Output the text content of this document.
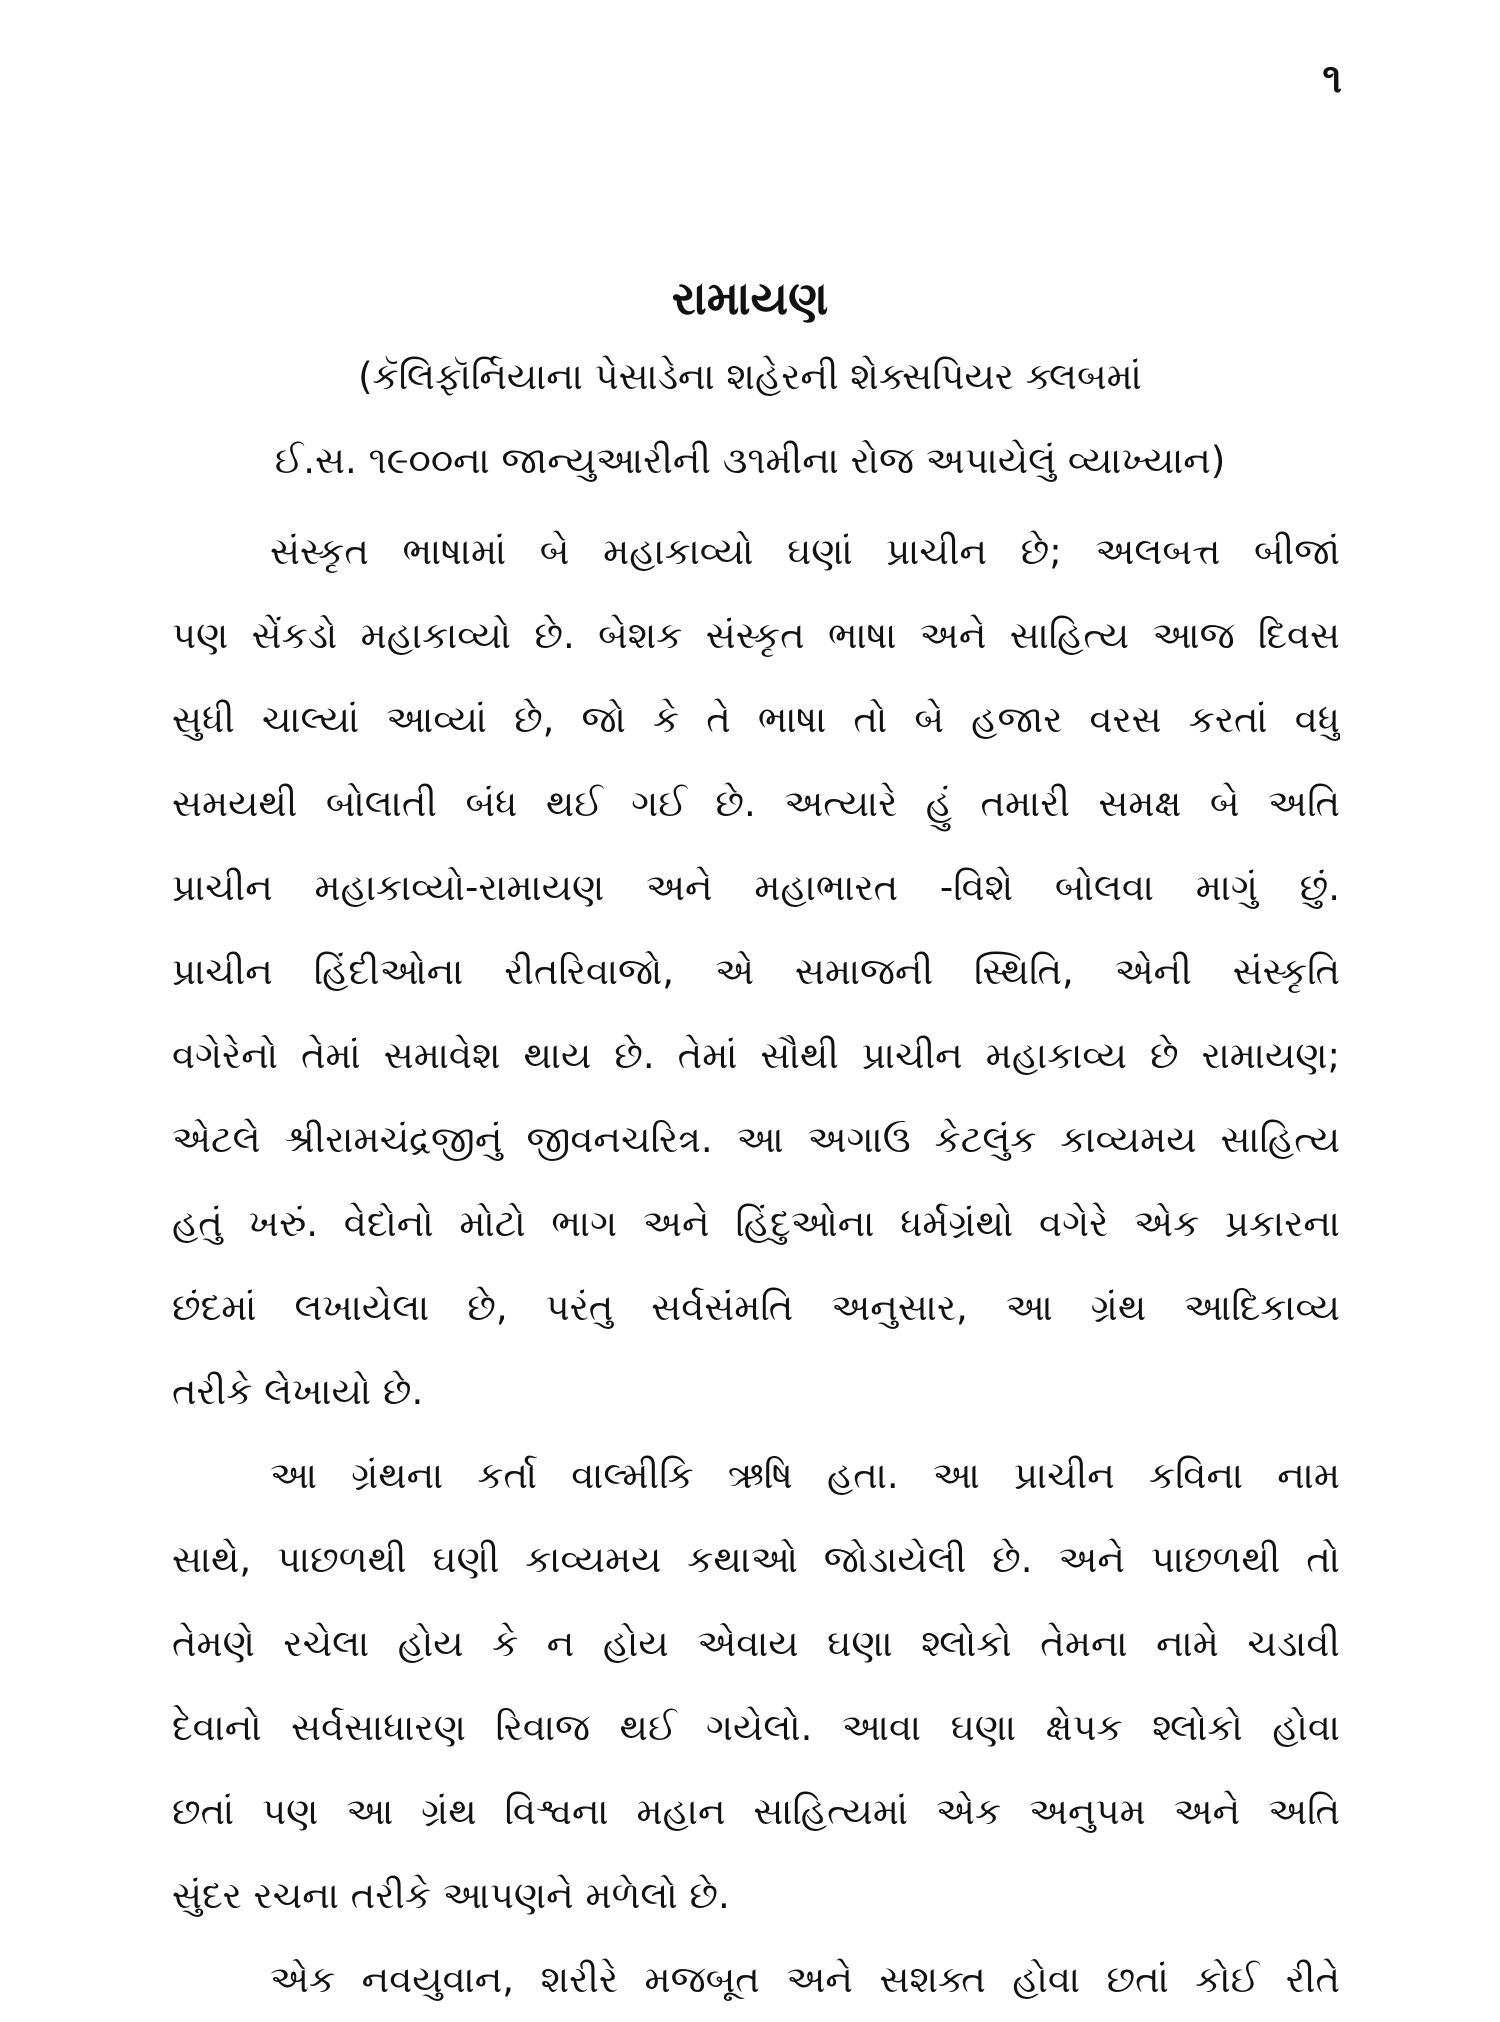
૧
રામાયણ
(કૅલિફૉર્નિયાના પેસાડેના શહેરની શેક્સપિયર ક્લબમાં
ઈ.સ. ૧૯૦૦ના જાન્યુઆરીની ૩૧મીના રોજ અપાયેલું વ્યાખ્યાન)
સંસ્કૃત ભાષામાં બે મહાકાવ્યો ઘણાં પ્રાચીન છે; અલબત્ત બીજાં
પણ સેંકડો મહાકાવ્યો છે. બેશક સંસ્કૃત ભાષા અને સાહિત્ય આજ દિવસ
સુધી ચાલ્યાં આવ્યાં છે, જો કે તે ભાષા તો બે હજાર વરસ કરતાં વધુ
સમયથી બોલાતી બંધ થઈ ગઈ છે. અત્યારે હું તમારી સમક્ષ બે અતિ
પ્રાચીન મહાકાવ્યો-રામાયણ અને મહાભારત -વિશે બોલવા માગું છું.
પ્રાચીન હિંદીઓના રીતરિવાજો, એ સમાજની સ્થિતિ, એની સંસ્કૃતિ
વગેરેનો તેમાં સમાવેશ થાય છે. તેમાં સૌથી પ્રાચીન મહાકાવ્ય છે રામાયણ;
એટલે શ્રીરામચંદ્રજીનું જીવનચરિત્ર. આ અગાઉ કેટલુંક કાવ્યમય સાહિત્ય
હતું ખરું. વેદોનો મોટો ભાગ અને હિંદુઓના ધર્મગ્રંથો વગેરે એક પ્રકારના
છંદમાં લખાયેલા છે, પરંતુ સર્વસંમતિ અનુસાર, આ ગ્રંથ આદિકાવ્ય
તરીકે લેખાયો છે.
આ ગ્રંથના કર્તા વાલ્મીકિ ઋષિ હતા. આ પ્રાચીન કવિના નામ
સાથે, પાછળથી ઘણી કાવ્યમય કથાઓ જોડાયેલી છે. અને પાછળથી તો
તેમણે રચેલા હોય કે ન હોય એવાય ઘણા શ્લોકો તેમના નામે ચડાવી
દેવાનો સર્વસાધારણ રિવાજ થઈ ગયેલો. આવા ઘણા ક્ષેપક શ્લોકો હોવા
છતાં પણ આ ગ્રંથ વિશ્વના મહાન સાહિત્યમાં એક અનુપમ અને અતિ
સુંદર રચના તરીકે આપણને મળેલો છે.
એક નવયુવાન, શરીરે મજબૂત અને સશક્ત હોવા છતાં કોઈ રીતે
